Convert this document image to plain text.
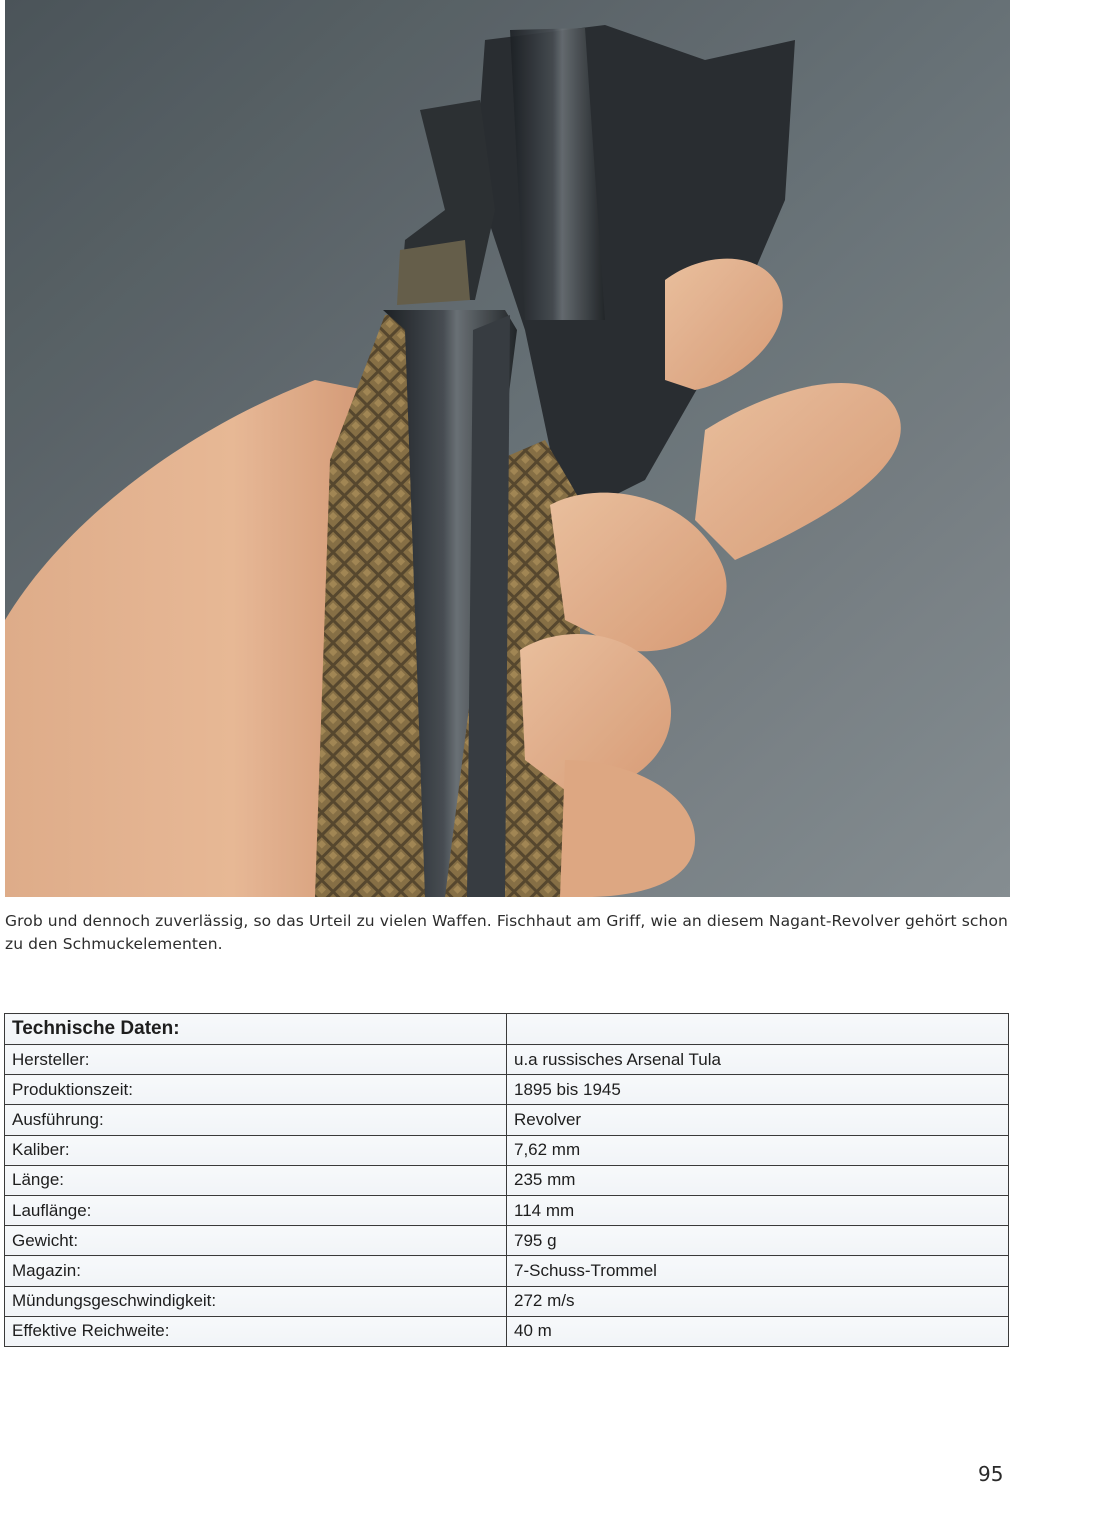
Grob und dennoch zuverlässig, so das Urteil zu vielen Waffen. Fischhaut am Griff, wie an diesem Nagant-Revolver gehört schon zu den Schmuckelementen.
Technische Daten:	
Hersteller:	u.a russisches Arsenal Tula
Produktionszeit:	1895 bis 1945
Ausführung:	Revolver
Kaliber:	7,62 mm
Länge:	235 mm
Lauflänge:	114 mm
Gewicht:	795 g
Magazin:	7-Schuss-Trommel
Mündungsgeschwindigkeit:	272 m/s
Effektive Reichweite:	40 m
95
